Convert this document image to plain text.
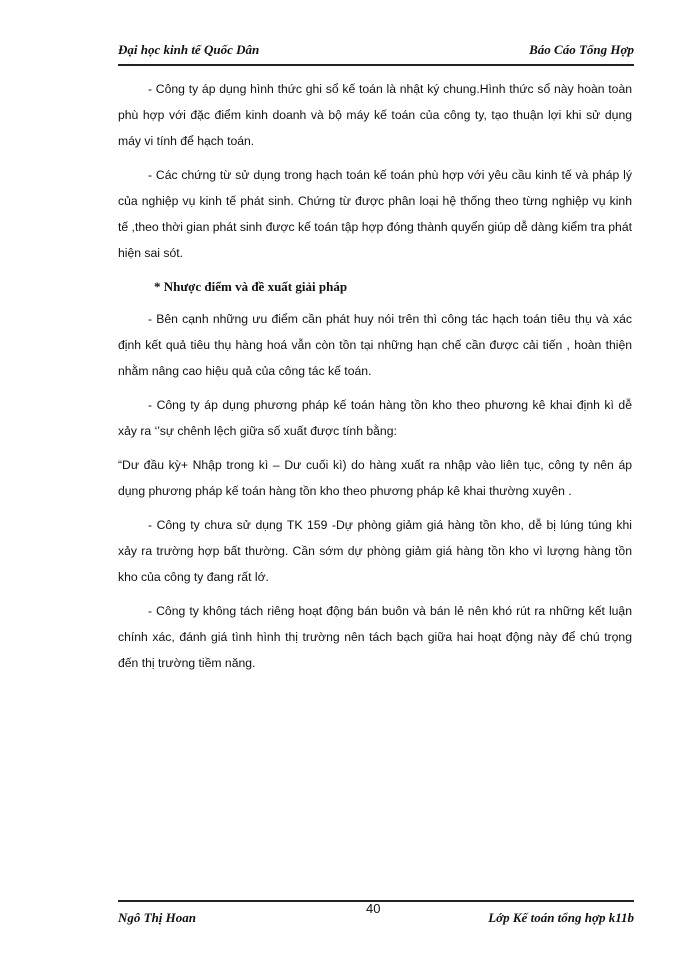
Đại học kinh tế Quốc Dân	Báo Cáo Tổng Hợp

- Công ty áp dụng hình thức ghi sổ kế toán là nhật ký chung.Hình thức sổ này hoàn toàn phù hợp với đặc điểm kinh doanh và bộ máy kế toán của công ty, tạo thuận lợi khi sử dụng máy vi tính để hạch toán.

- Các chứng từ sử dụng trong hạch toán kế toán phù hợp với yêu cầu kinh tế và pháp lý của nghiệp vụ kinh tế phát sinh. Chứng từ được phân loại hệ thống theo từng nghiệp vụ kinh tế ,theo thời gian phát sinh được kế toán tập hợp đóng thành quyển giúp dễ dàng kiểm tra phát hiện sai sót.

* Nhược điểm và đề xuất giải pháp

- Bên cạnh những ưu điểm cần phát huy nói trên thì công tác hạch toán tiêu thụ và xác định kết quả tiêu thụ hàng hoá vẫn còn tồn tại những hạn chế cần được cải tiến , hoàn thiện nhằm nâng cao hiệu quả của công tác kế toán.

- Công ty áp dụng phương pháp kế toán hàng tồn kho theo phương kê khai định kì dễ xảy ra ‘’sự chênh lệch giữa số xuất được tính bằng:

“Dư đầu kỳ+ Nhập trong kì – Dư cuối kì) do hàng xuất ra nhập vào liên tục, công ty nên áp dụng phương pháp kế toán hàng tồn kho theo phương pháp kê khai thường xuyên .

- Công ty chưa sử dụng TK 159 -Dự phòng giảm giá hàng tồn kho, dễ bị lúng túng khi xảy ra trường hợp bất thường. Cần sớm dự phòng giảm giá hàng tồn kho vì lượng hàng tồn kho của công ty đang rất lớ.

- Công ty không tách riêng hoạt động bán buôn và bán lẻ nên khó rút ra những kết luận chính xác, đánh giá tình hình thị trường nên tách bạch giữa hai hoạt động này để chú trọng đến thị trường tiềm năng.

Ngô Thị Hoan
40
Lớp Kế toán tổng hợp k11b
